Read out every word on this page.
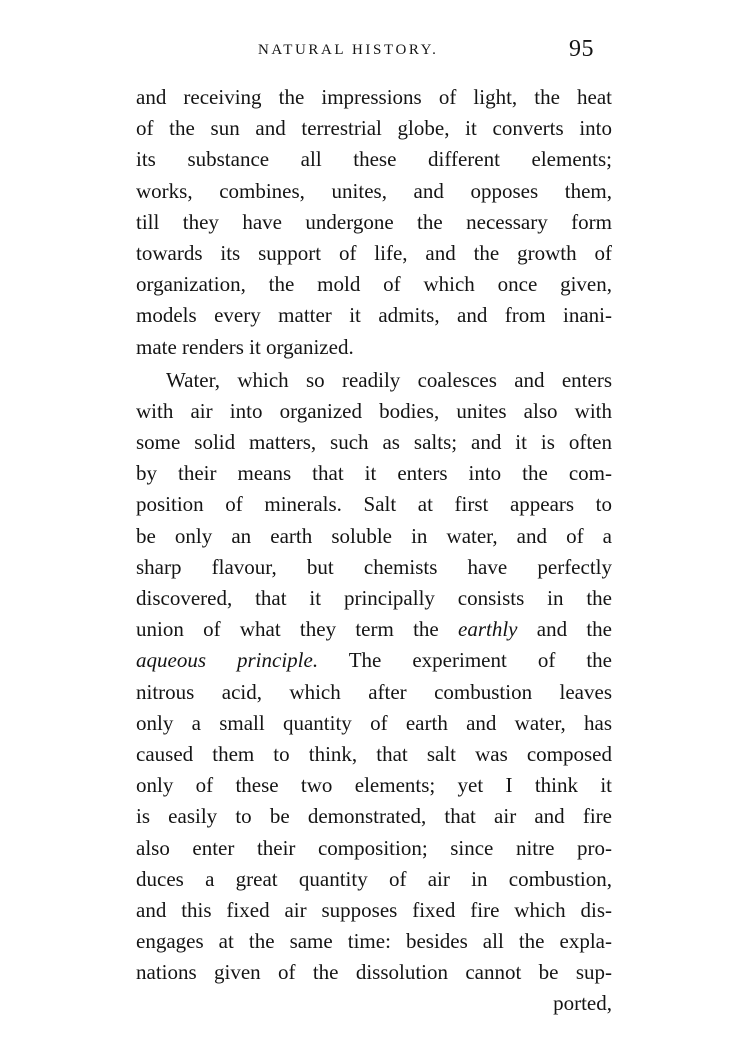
NATURAL HISTORY.	95
and receiving the impressions of light, the heat
of the sun and terrestrial globe, it converts into
its substance all these different elements;
works, combines, unites, and opposes them,
till they have undergone the necessary form
towards its support of life, and the growth of
organization, the mold of which once given,
models every matter it admits, and from inani-
mate renders it organized.
Water, which so readily coalesces and enters
with air into organized bodies, unites also with
some solid matters, such as salts; and it is often
by their means that it enters into the com-
position of minerals. Salt at first appears to
be only an earth soluble in water, and of a
sharp flavour, but chemists have perfectly
discovered, that it principally consists in the
union of what they term the earthly and the
aqueous principle. The experiment of the
nitrous acid, which after combustion leaves
only a small quantity of earth and water, has
caused them to think, that salt was composed
only of these two elements; yet I think it
is easily to be demonstrated, that air and fire
also enter their composition; since nitre pro-
duces a great quantity of air in combustion,
and this fixed air supposes fixed fire which dis-
engages at the same time: besides all the expla-
nations given of the dissolution cannot be sup-
ported,
